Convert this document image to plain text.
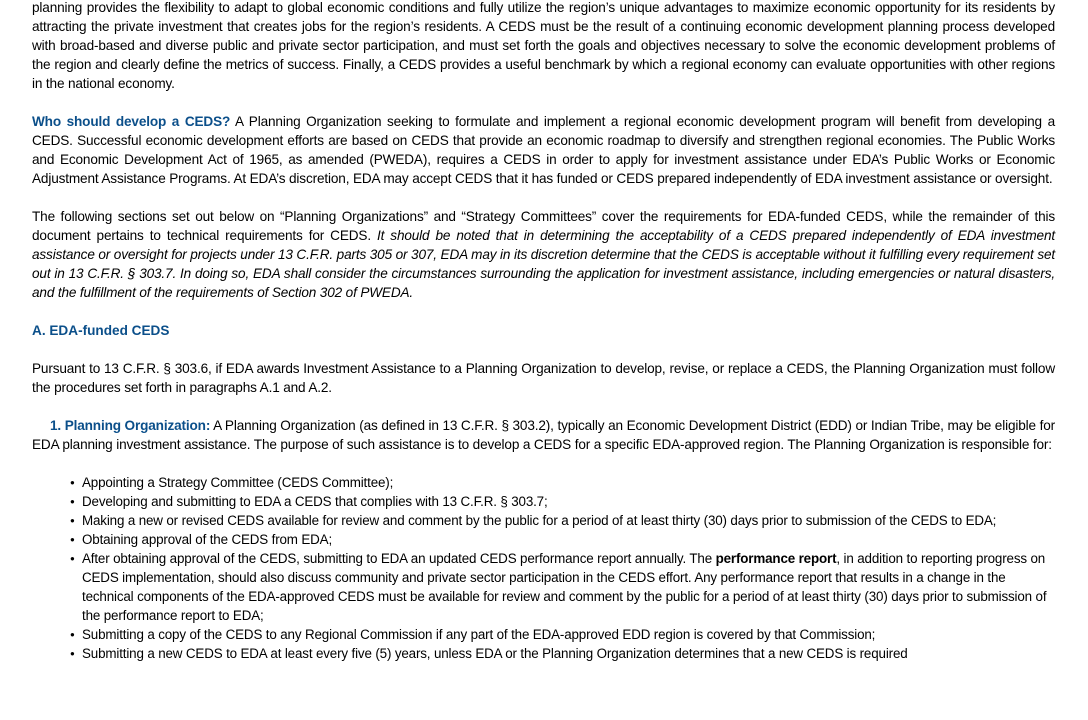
planning provides the flexibility to adapt to global economic conditions and fully utilize the region’s unique advantages to maximize economic opportunity for its residents by attracting the private investment that creates jobs for the region’s residents. A CEDS must be the result of a continuing economic development planning process developed with broad-based and diverse public and private sector participation, and must set forth the goals and objectives necessary to solve the economic development problems of the region and clearly define the metrics of success. Finally, a CEDS provides a useful benchmark by which a regional economy can evaluate opportunities with other regions in the national economy.

Who should develop a CEDS? A Planning Organization seeking to formulate and implement a regional economic development program will benefit from developing a CEDS. Successful economic development efforts are based on CEDS that provide an economic roadmap to diversify and strengthen regional economies. The Public Works and Economic Development Act of 1965, as amended (PWEDA), requires a CEDS in order to apply for investment assistance under EDA’s Public Works or Economic Adjustment Assistance Programs. At EDA’s discretion, EDA may accept CEDS that it has funded or CEDS prepared independently of EDA investment assistance or oversight.

The following sections set out below on “Planning Organizations” and “Strategy Committees” cover the requirements for EDA-funded CEDS, while the remainder of this document pertains to technical requirements for CEDS. It should be noted that in determining the acceptability of a CEDS prepared independently of EDA investment assistance or oversight for projects under 13 C.F.R. parts 305 or 307, EDA may in its discretion determine that the CEDS is acceptable without it fulfilling every requirement set out in 13 C.F.R. § 303.7. In doing so, EDA shall consider the circumstances surrounding the application for investment assistance, including emergencies or natural disasters, and the fulfillment of the requirements of Section 302 of PWEDA.

A. EDA-funded CEDS

Pursuant to 13 C.F.R. § 303.6, if EDA awards Investment Assistance to a Planning Organization to develop, revise, or replace a CEDS, the Planning Organization must follow the procedures set forth in paragraphs A.1 and A.2.

1. Planning Organization: A Planning Organization (as defined in 13 C.F.R. § 303.2), typically an Economic Development District (EDD) or Indian Tribe, may be eligible for EDA planning investment assistance. The purpose of such assistance is to develop a CEDS for a specific EDA-approved region. The Planning Organization is responsible for:

● Appointing a Strategy Committee (CEDS Committee);
● Developing and submitting to EDA a CEDS that complies with 13 C.F.R. § 303.7;
● Making a new or revised CEDS available for review and comment by the public for a period of at least thirty (30) days prior to submission of the CEDS to EDA;
● Obtaining approval of the CEDS from EDA;
● After obtaining approval of the CEDS, submitting to EDA an updated CEDS performance report annually. The performance report, in addition to reporting progress on CEDS implementation, should also discuss community and private sector participation in the CEDS effort. Any performance report that results in a change in the technical components of the EDA-approved CEDS must be available for review and comment by the public for a period of at least thirty (30) days prior to submission of the performance report to EDA;
● Submitting a copy of the CEDS to any Regional Commission if any part of the EDA-approved EDD region is covered by that Commission;
● Submitting a new CEDS to EDA at least every five (5) years, unless EDA or the Planning Organization determines that a new CEDS is required
